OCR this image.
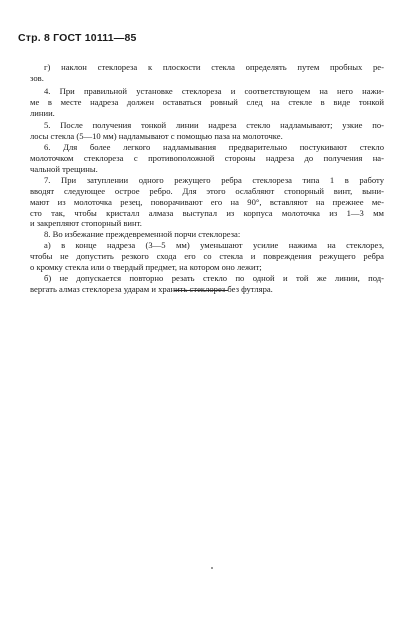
Стр. 8 ГОСТ 10111—85
г) наклон стеклореза к плоскости стекла определять путем пробных ре-
зов.
4. При правильной установке стеклореза и соответствующем на него нажи-
ме в месте надреза должен оставаться ровный след на стекле в виде тонкой
линии.
5. После получения тонкой линии надреза стекло надламывают; узкие по-
лосы стекла (5—10 мм) надламывают с помощью паза на молоточке.
6. Для более легкого надламывания предварительно постукивают стекло
молоточком стеклореза с противоположной стороны надреза до получения на-
чальной трещины.
7. При затуплении одного режущего ребра стеклореза типа 1 в работу
вводят следующее острое ребро. Для этого ослабляют стопорный винт, выни-
мают из молоточка резец, поворачивают его на 90°, вставляют на прежнее ме-
сто так, чтобы кристалл алмаза выступал из корпуса молоточка из 1—3 мм
и закрепляют стопорный винт.
8. Во избежание преждевременной порчи стеклореза:
а) в конце надреза (3—5 мм) уменьшают усилие нажима на стеклорез,
чтобы не допустить резкого схода его со стекла и повреждения режущего ребра
о кромку стекла или о твердый предмет, на котором оно лежит;
б) не допускается повторно резать стекло по одной и той же линии, под-
вергать алмаз стеклореза ударам и хранить стеклорез без футляра.
